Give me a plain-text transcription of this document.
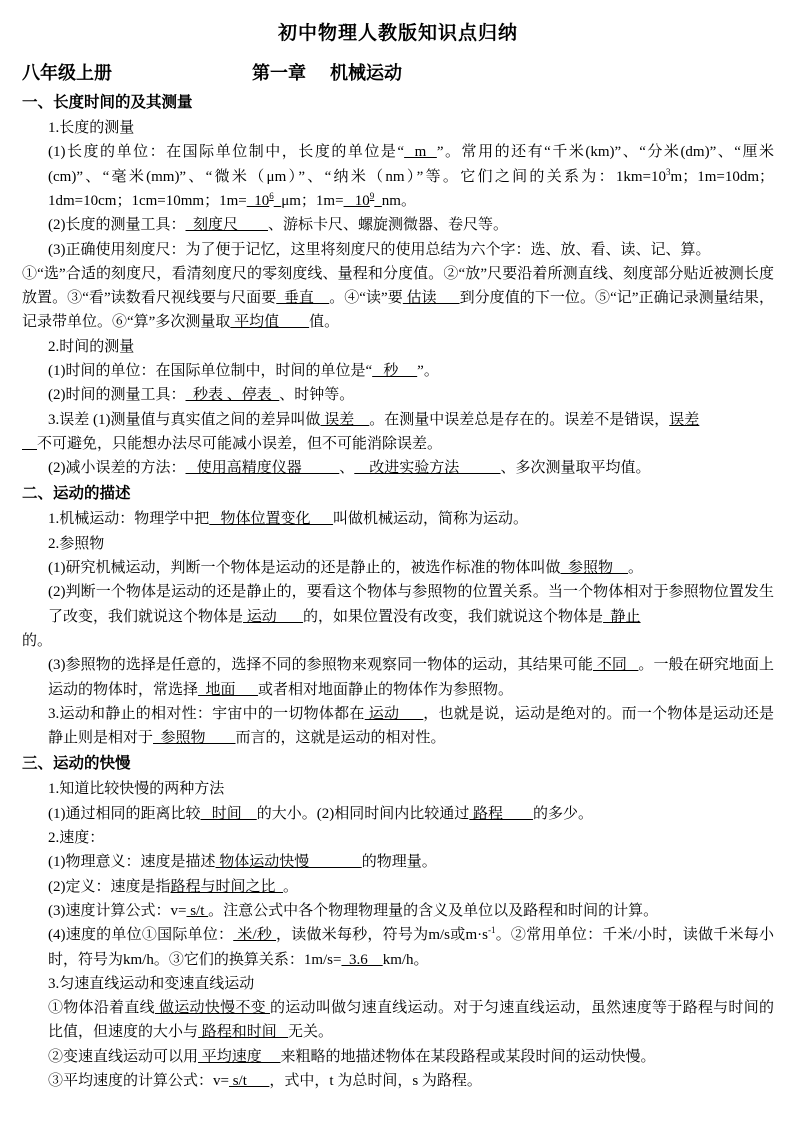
初中物理人教版知识点归纳
八年级上册	第一章 机械运动
一、长度时间的及其测量

1.长度的测量

(1)长度的单位：在国际单位制中，长度的单位是“  m  ”。常用的还有“千米(km)”、“分米(dm)”、“厘米(cm)”、“毫米(mm)”、“微米（μm）”、“纳米（nm）”等。它们之间的关系为：$1km=10^3m$；1m=10dm；1dm=10cm；1cm=10mm；$1m= 10^6$ μm；$1m= 10^9$ nm。

(2)长度的测量工具：  刻度尺        、游标卡尺、螺旋测微器、卷尺等。

(3)正确使用刻度尺：为了便于记忆，这里将刻度尺的使用总结为六个字：选、放、看、读、记、算。

①“选”合适的刻度尺，看清刻度尺的零刻度线、量程和分度值。②“放”尺要沿着所测直线、刻度部分贴近被测长度放置。③“看”读数看尺视线要与尺面要  垂直    。④“读”要 估读      到分度值的下一位。⑤“记”正确记录测量结果，记录带单位。⑥“算”多次测量取 平均值        值。

2.时间的测量

(1)时间的单位：在国际单位制中，时间的单位是“   秒     ”。

(2)时间的测量工具：  秒表 、停表  、时钟等。

3.误差 (1)测量值与真实值之间的差异叫做 误差    。在测量中误差总是存在的。误差不是错误，误差

不可避免，只能想办法尽可能减小误差，但不可能消除误差。

(2)减小误差的方法：   使用高精度仪器          、    改进实验方法           、多次测量取平均值。

二、运动的描述

1.机械运动：物理学中把   物体位置变化      叫做机械运动，简称为运动。

2.参照物

(1)研究机械运动，判断一个物体是运动的还是静止的，被选作标准的物体叫做  参照物    。

(2)判断一个物体是运动的还是静止的，要看这个物体与参照物的位置关系。当一个物体相对于参照物位置发生了改变，我们就说这个物体是 运动       的，如果位置没有改变，我们就说这个物体是  静止

的。

(3)参照物的选择是任意的，选择不同的参照物来观察同一物体的运动，其结果可能 不同   。一般在研究地面上运动的物体时，常选择  地面      或者相对地面静止的物体作为参照物。

3.运动和静止的相对性：宇宙中的一切物体都在 运动      ，也就是说，运动是绝对的。而一个物体是运动还是静止则是相对于  参照物        而言的，这就是运动的相对性。

三、运动的快慢

1.知道比较快慢的两种方法

(1)通过相同的距离比较   时间    的大小。(2)相同时间内比较通过 路程        的多少。

2.速度：

(1)物理意义：速度是描述 物体运动快慢              的物理量。

(2)定义：速度是指路程与时间之比  。

(3)速度计算公式：v= s/t 。注意公式中各个物理物理量的含义及单位以及路程和时间的计算。

(4)速度的单位①国际单位： 米/秒 ，读做米每秒，符号为m/s或$m\cdot s^{-1}$。②常用单位：千米/小时，读做千米每小时，符号为km/h。③它们的换算关系：1m/s=  3.6    km/h。

3.匀速直线运动和变速直线运动

①物体沿着直线 做运动快慢不变 的运动叫做匀速直线运动。对于匀速直线运动，虽然速度等于路程与时间的比值，但速度的大小与 路程和时间   无关。

②变速直线运动可以用 平均速度     来粗略的地描述物体在某段路程或某段时间的运动快慢。

③平均速度的计算公式：v= s/t      ，式中，t 为总时间，s 为路程。
